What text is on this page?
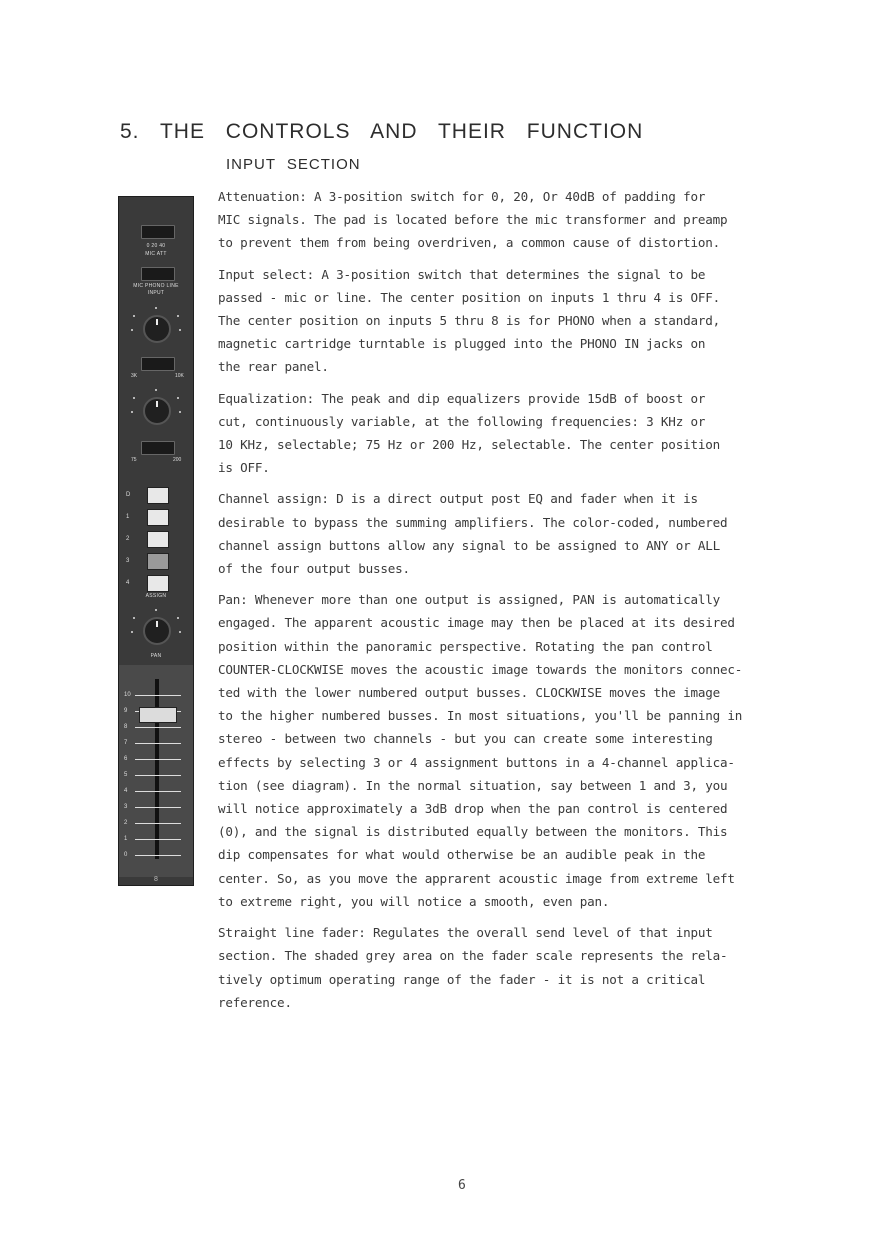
5. THE CONTROLS AND THEIR FUNCTION
INPUT SECTION
0 20 40
MIC ATT
MIC PHONO LINE
INPUT
3K	10K
75	200
D
1
2
3
4
ASSIGN
PAN
10
9
8
7
6
5
4
3
2
1
0
8

Attenuation: A 3-position switch for 0, 20, Or 40dB of padding for
MIC signals. The pad is located before the mic transformer and preamp
to prevent them from being overdriven, a common cause of distortion.

Input select: A 3-position switch that determines the signal to be
passed - mic or line. The center position on inputs 1 thru 4 is OFF.
The center position on inputs 5 thru 8 is for PHONO when a standard,
magnetic cartridge turntable is plugged into the PHONO IN jacks on
the rear panel.

Equalization: The peak and dip equalizers provide 15dB of boost or
cut, continuously variable, at the following frequencies: 3 KHz or
10 KHz, selectable; 75 Hz or 200 Hz, selectable. The center position
is OFF.

Channel assign: D is a direct output post EQ and fader when it is
desirable to bypass the summing amplifiers. The color-coded, numbered
channel assign buttons allow any signal to be assigned to ANY or ALL
of the four output busses.

Pan: Whenever more than one output is assigned, PAN is automatically
engaged. The apparent acoustic image may then be placed at its desired
position within the panoramic perspective. Rotating the pan control
COUNTER-CLOCKWISE moves the acoustic image towards the monitors connec-
ted with the lower numbered output busses. CLOCKWISE moves the image
to the higher numbered busses. In most situations, you'll be panning in
stereo - between two channels - but you can create some interesting
effects by selecting 3 or 4 assignment buttons in a 4-channel applica-
tion (see diagram). In the normal situation, say between 1 and 3, you
will notice approximately a 3dB drop when the pan control is centered
(0), and the signal is distributed equally between the monitors. This
dip compensates for what would otherwise be an audible peak in the
center. So, as you move the apprarent acoustic image from extreme left
to extreme right, you will notice a smooth, even pan.

Straight line fader: Regulates the overall send level of that input
section. The shaded grey area on the fader scale represents the rela-
tively optimum operating range of the fader - it is not a critical
reference.

6
